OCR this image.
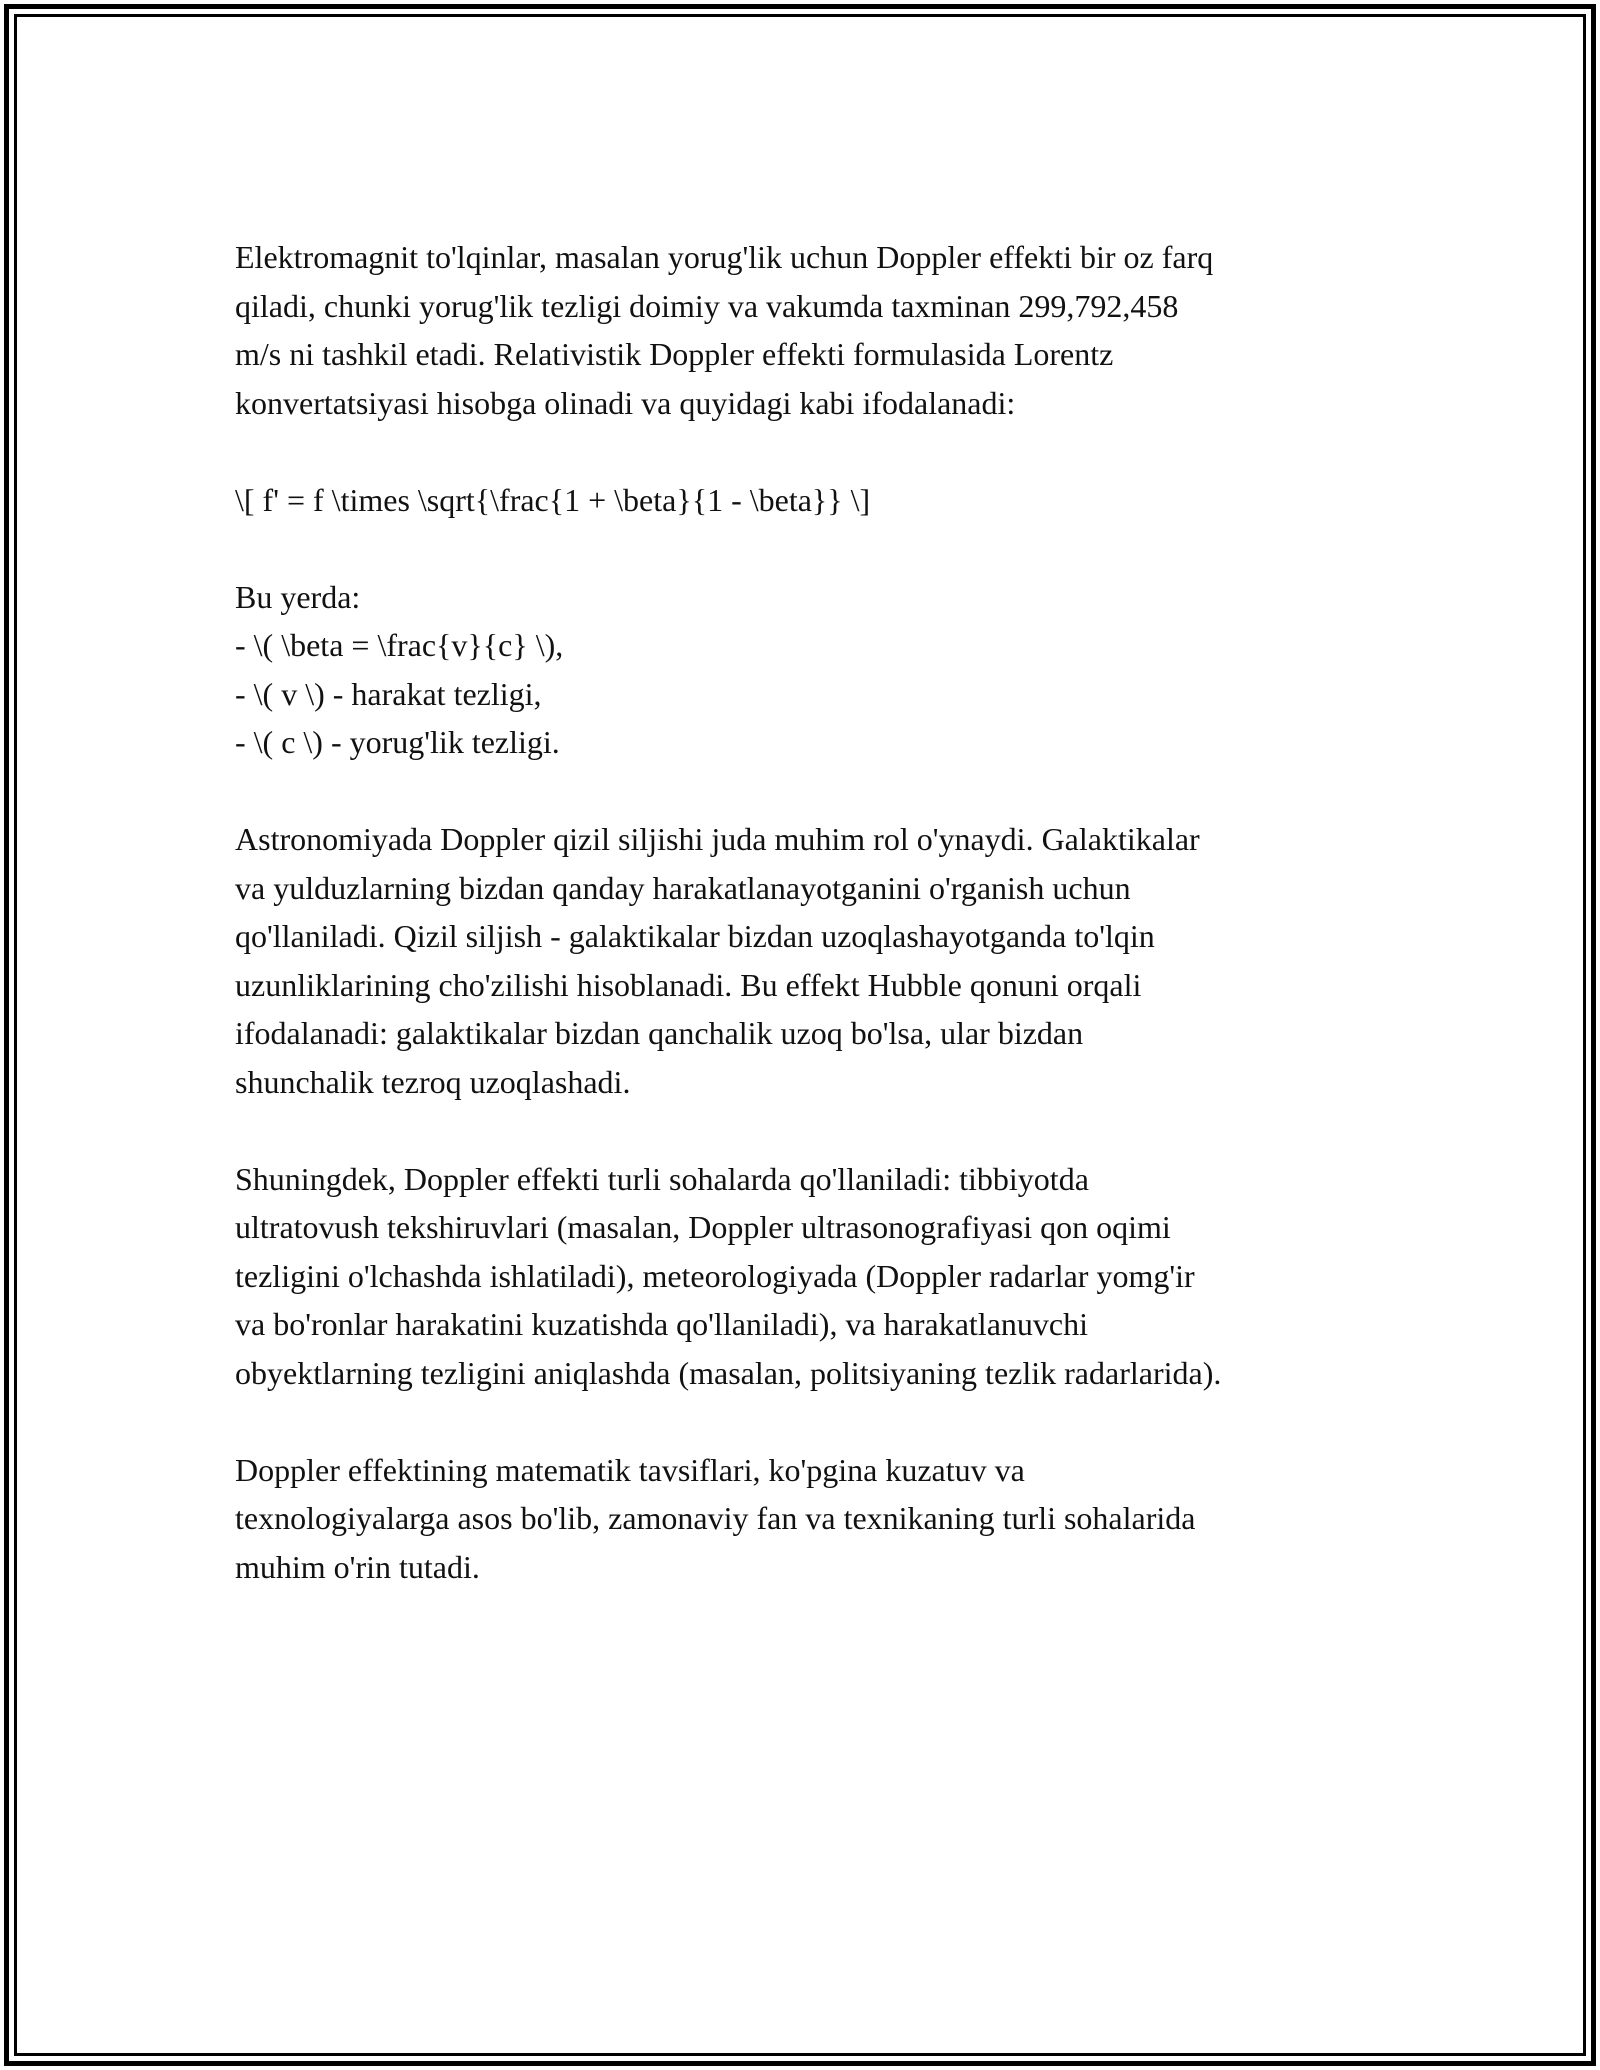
Elektromagnit to'lqinlar, masalan yorug'lik uchun Doppler effekti bir oz farq
qiladi, chunki yorug'lik tezligi doimiy va vakumda taxminan 299,792,458
m/s ni tashkil etadi. Relativistik Doppler effekti formulasida Lorentz
konvertatsiyasi hisobga olinadi va quyidagi kabi ifodalanadi:

\[ f' = f \times \sqrt{\frac{1 + \beta}{1 - \beta}} \]

Bu yerda:
- \( \beta = \frac{v}{c} \),
- \( v \) - harakat tezligi,
- \( c \) - yorug'lik tezligi.

Astronomiyada Doppler qizil siljishi juda muhim rol o'ynaydi. Galaktikalar
va yulduzlarning bizdan qanday harakatlanayotganini o'rganish uchun
qo'llaniladi. Qizil siljish - galaktikalar bizdan uzoqlashayotganda to'lqin
uzunliklarining cho'zilishi hisoblanadi. Bu effekt Hubble qonuni orqali
ifodalanadi: galaktikalar bizdan qanchalik uzoq bo'lsa, ular bizdan
shunchalik tezroq uzoqlashadi.

Shuningdek, Doppler effekti turli sohalarda qo'llaniladi: tibbiyotda
ultratovush tekshiruvlari (masalan, Doppler ultrasonografiyasi qon oqimi
tezligini o'lchashda ishlatiladi), meteorologiyada (Doppler radarlar yomg'ir
va bo'ronlar harakatini kuzatishda qo'llaniladi), va harakatlanuvchi
obyektlarning tezligini aniqlashda (masalan, politsiyaning tezlik radarlarida).

Doppler effektining matematik tavsiflari, ko'pgina kuzatuv va
texnologiyalarga asos bo'lib, zamonaviy fan va texnikaning turli sohalarida
muhim o'rin tutadi.
